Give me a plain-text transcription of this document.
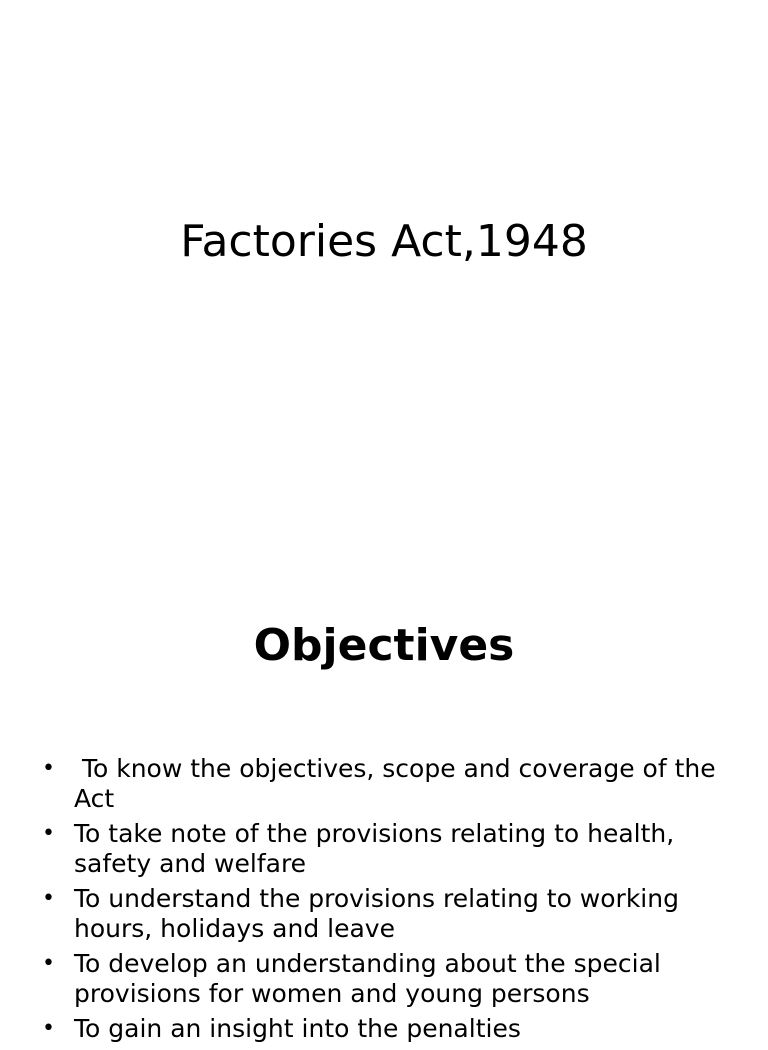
Factories Act,1948
Objectives
• To know the objectives, scope and coverage of the Act
• To take note of the provisions relating to health, safety and welfare
• To understand the provisions relating to working hours, holidays and leave
• To develop an understanding about the special provisions for women and young persons
• To gain an insight into the penalties
